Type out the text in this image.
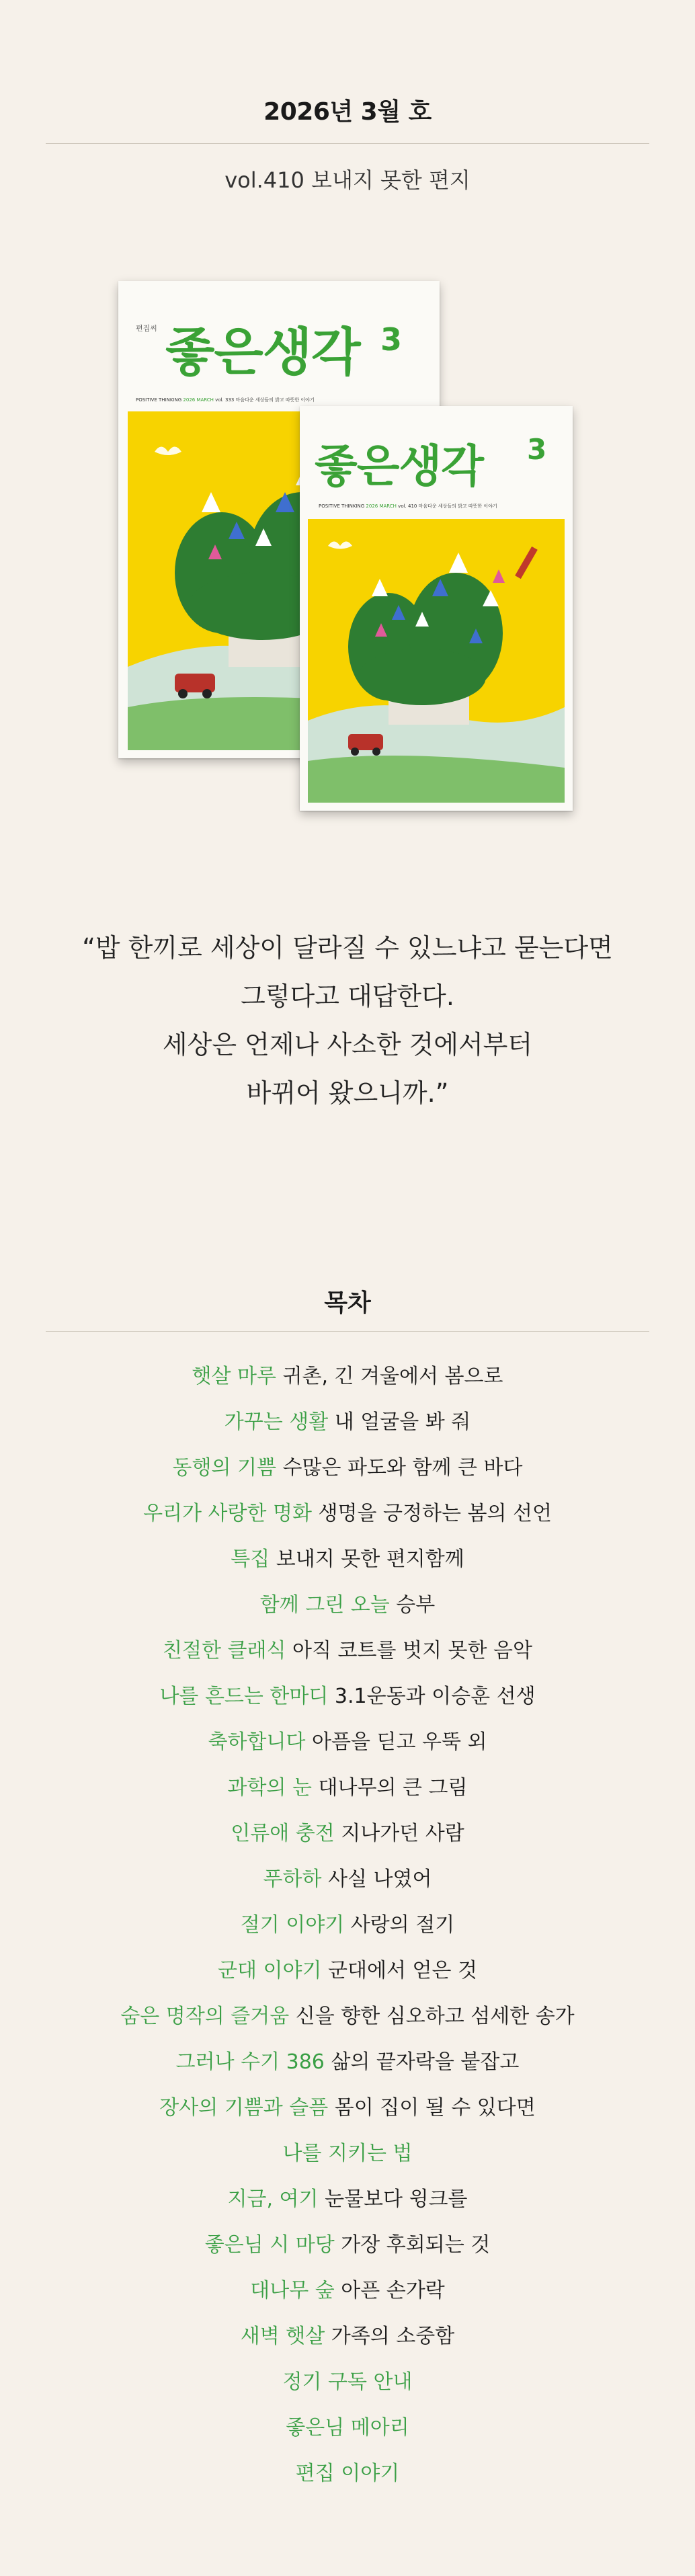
2026년 3월 호
vol.410 보내지 못한 편지
편집씨 좋은생각 3
POSITIVE THINKING 2026 MARCH vol. 333 마음다운 세상들의 밝고 따뜻한 이야기
좋은생각 3
POSITIVE THINKING 2026 MARCH vol. 410 마음다운 세상들의 밝고 따뜻한 이야기
“밥 한끼로 세상이 달라질 수 있느냐고 묻는다면
그렇다고 대답한다.
세상은 언제나 사소한 것에서부터
바뀌어 왔으니까.”
목차
햇살 마루 귀촌, 긴 겨울에서 봄으로
가꾸는 생활 내 얼굴을 봐 줘
동행의 기쁨 수많은 파도와 함께 큰 바다
우리가 사랑한 명화 생명을 긍정하는 봄의 선언
특집 보내지 못한 편지함께
함께 그린 오늘 승부
친절한 클래식 아직 코트를 벗지 못한 음악
나를 흔드는 한마디 3.1운동과 이승훈 선생
축하합니다 아픔을 딛고 우뚝 외
과학의 눈 대나무의 큰 그림
인류애 충전 지나가던 사람
푸하하 사실 나였어
절기 이야기 사랑의 절기
군대 이야기 군대에서 얻은 것
숨은 명작의 즐거움 신을 향한 심오하고 섬세한 송가
그러나 수기 386 삶의 끝자락을 붙잡고
장사의 기쁨과 슬픔 몸이 집이 될 수 있다면
나를 지키는 법
지금, 여기 눈물보다 윙크를
좋은님 시 마당 가장 후회되는 것
대나무 숲 아픈 손가락
새벽 햇살 가족의 소중함
정기 구독 안내
좋은님 메아리
편집 이야기
